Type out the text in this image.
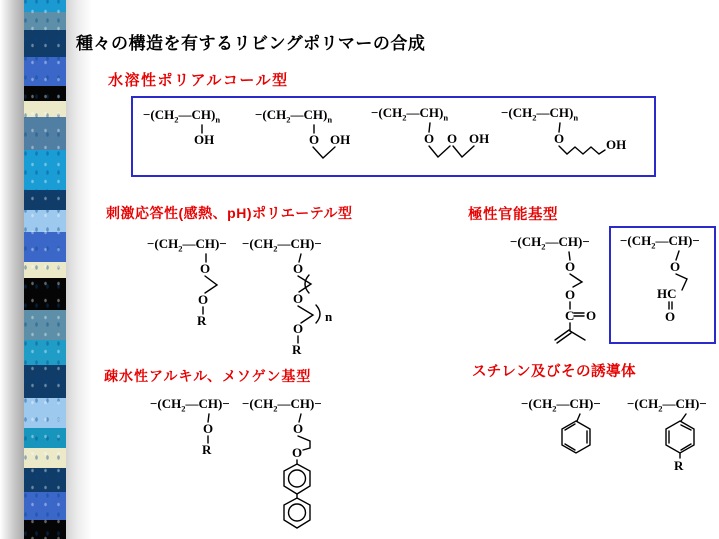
種々の構造を有するリビングポリマーの合成
水溶性ポリアルコール型
刺激応答性(感熱、pH)ポリエーテル型	極性官能基型
疎水性アルキル、メソゲン基型	スチレン及びその誘導体
$-(CH_2—CH)_n$
OH
$-(CH_2—CH)_n$
O OH
$-(CH_2—CH)_n$
O O OH
$-(CH_2—CH)_n$
O	OH
$-(CH_2—CH)-$
O
O
R
$-(CH_2—CH)-$
O
O
n
O
R
$-(CH_2—CH)-$
O
O
C O
$-(CH_2—CH)-$
O
HC
O
$-(CH_2—CH)-$
O
R
$-(CH_2—CH)-$
O
O
$-(CH_2—CH)-$ $-(CH_2—CH)-$
R
